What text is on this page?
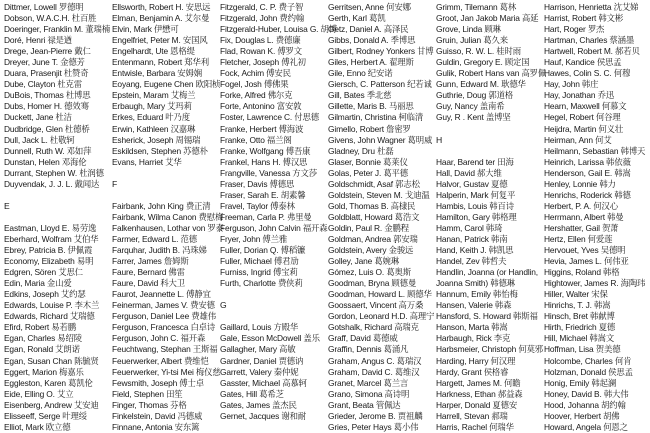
Dittmer, Lowell 罗德明
Dobson, W.A.C.H. 杜百胜
Doeringer, Franklin M. 董瑞楠
Doré, Henri 禄是遒
Drege, Jean-Pierre 戴仁
Dreyer, June T. 金德芳
Duara, Prasenjit 杜赞奇
Dube, Clayton 杜克雷
DuBois, Thomas 杜博思
Dubs, Homer H. 德效骞
Duckett, Jane 杜洁
Dudbridge, Glen 杜德桥
Dull, Jack L. 杜敬轲
Dunnell, Ruth W. 邓如萍
Dunstan, Helen 邓海伦
Durrant, Stephen W. 杜润德
Duyvendak, J. J. L. 戴闻达
E
Eastman, Lloyd E. 易劳逸
Eberhard, Wolfram 艾伯华
Ebrey, Patricia B. 伊佩霞
Economy, Elizabeth 易明
Edgren, Sören 艾思仁
Edin, Maria 金山爱
Edkins, Joseph 艾约瑟
Edwards, Louise P. 李木兰
Edwards, Richard 艾瑞德
Efird, Robert 易若鹏
Egan, Charles 易绍陵
Egan, Ronald 艾朗诺
Egan, Susan Chan 陈毓贤
Eggert, Marion 梅嘉乐
Eggleston, Karen 葛凯伦
Eide, Elling O. 艾立
Eisenberg, Andrew 艾安迪
Elisseeff, Serge 叶理绥
Elliot, Mark 欧立德
Ellsworth, Robert H. 安思远
Elman, Benjamin A. 艾尔曼
Elvin, Mark 伊懋可
Engelfriet, Peter M. 安国风
Engelhardt, Ute 恩格缇
Entenmann, Robert 郑华利
Entwisle, Barbara 安姆娴
Eoyang, Eugene Chen 欧阳桢
Epstein, Maram 艾梅兰
Erbaugh, Mary 艾玛莉
Erkes, Eduard 叶乃度
Erwin, Kathleen 汉嘉琳
Esherick, Joseph 周锡瑞
Eskildsen, Stephen 苏德朴
Evans, Harriet 艾华
F
Fairbank, John King 费正清
Fairbank, Wilma Canon 费慰梅
Falkenhausen, Lothar von 罗泰
Farmer, Edward L. 范德
Farquhar, Judith B. 冯珠娣
Farrer, James 詹姆斯
Faure, Bernard 佛雷
Faure, David 科大卫
Faurot, Jeannette L. 傅静宜
Feinerman, James V. 费安德
Ferguson, Daniel Lee 费雄伟
Ferguson, Francesca 白卓诗
Ferguson, John C. 福开森
Feuchtwang, Stephan 王斯福
Feuerwerker, Albert 费维恺
Feuerwerker, Yi-tsi Mei 梅仪慈
Fewsmith, Joseph 傅士卓
Field, Stephen 田笙
Finger, Thomas 芬格
Finkelstein, David 冯德威
Finnane, Antonia 安东篱
Fitzgerald, C. P. 费子智
Fitzgerald, John 费约翰
Fitzgerald-Huber, Louisa G. 胡博
Fix, Douglas L. 费德廉
Flad, Rowan K. 傅罗文
Fletcher, Joseph 傅礼初
Fock, Achim 傅安民
Fogel, Josh 傅佛果
Forke, Alfred 佛尔克
Forte, Antonino 富安敦
Foster, Lawrence C. 付思德
Franke, Herbert 傅海波
Franke, Otto 福兰阁
Franke, Wolfgang 傅吾康
Frankel, Hans H. 傅汉思
Frangville, Vanessa 方文莎
Fraser, Davis 傅德思
Fraser, Sarah E. 胡素馨
Fravel, Taylor 傅泰林
Freeman, Carla P. 弗里曼
Ferguson, John Calvin 福开森
Fryer, John 傅兰雅
Fuller, Dorian Q. 傅稻镰
Fuller, Michael 傅君劢
Furniss, Ingrid 傅宝莉
Furth, Charlotte 费侠莉
G
Gaillard, Louis 方殿华
Gale, Esson McDowell 盖乐
Gallagher, Mary 高敏
Gardner, Daniel 贾德讷
Garrett, Valery 秦仲妮
Gasster, Michael 高慕轲
Gates, Hill 葛希芝
Gates, James 盖杰民
Gernet, Jacques 谢和耐
Gerritsen, Anne 何安娜
Gerth, Karl 葛凯
Getz, Daniel A. 高泽民
Gibbs, Donald A. 季博思
Gilbert, Rodney Yonkers 甘博
Giles, Herbert A. 翟理斯
Gile, Enno 纪安诺
Giersch, C. Patterson 纪若诚
Gill, Bates 季北慈
Gillette, Maris B. 马丽思
Gilmartin, Christina 柯临清
Gimello, Robert 詹密罗
Givens, John Wagner 葛明威
Gladney, Dru 杜磊
Glaser, Bonnie 葛莱仪
Golas, Peter J. 葛平德
Goldschmidt, Asaf 郭志松
Goldstein, Steven M. 戈迪温
Gold, Thomas B. 高棣民
Goldblatt, Howard 葛浩文
Goldin, Paul R. 金鹏程
Goldman, Andrea 郭安瑞
Goldstein, Avery 金骏远
Golley, Jane 葛婉琳
Gómez, Luis O. 葛奥斯
Goodman, Bryna 顾德曼
Goodman, Howard L. 顾德华
Goossaert, Vincent 高万桑
Gordon, Leonard H.D. 高理宁
Gotshalk, Richard 高瑞克
Graff, David 葛德威
Graffin, Dennis 葛涌凡
Graham, Angus C. 葛瑞汉
Graham, David C. 葛维汉
Granet, Marcel 葛兰言
Grano, Simona 高诗明
Grant, Beata 管佩达
Grieder, Jerome B. 贾祖麟
Gries, Peter Hays 葛小伟
Grimm, Tilemann 葛林
Groot, Jan Jakob Maria 高延
Grove, Linda 顾琳
Gruin, Julian 葛久来
Guisso, R. W. L. 桂时雨
Guldin, Gregory E. 顾定国
Gulik, Robert Hans van 高罗佩
Gunn, Edward M. 耿德华
Guthrie, Doug 郭道格
Guy, Nancy 盖南希
Guy, R . Kent 盖博坚
H
Haar, Barend ter 田海
Hall, David 郝大维
Halvor, Gustav 夏德
Halperin, Mark 何复平
Hambis, Louis 韩百诗
Hamilton, Gary 韩格理
Hamm, Carol 韩琦
Hanan, Patrick 韩南
Hand, Keith J. 韩凯思
Handel, Zev 韩哲夫
Handlin, Joanna (or Handlin,
Joanna Smith) 韩德琳
Hannum, Emily 韩怡梅
Hansen, Valerie 韩森
Hansford, S. Howard 韩斯福
Hanson, Marta 韩嵩
Harbaugh, Rick 李克
Harbsmeier, Christoph 何莫邪
Harding, Harry 何汉理
Hardy, Grant 侯格睿
Hargett, James M. 何瞻
Harkness, Ethan 郝益森
Harper, Donald 夏德安
Harrell, Stevan 郝瑞
Harris, Rachel 何瑞华
Harrison, Henrietta 沈艾娣
Harrist, Robert 韩文彬
Hart, Roger 罗杰
Hartman, Charles 蔡涵墨
Hartwell, Robert M. 郝若贝
Hauf, Kandice 侯思孟
Hawes, Colin S. C. 何穆
Hay, John 韩庄
Hay, Jonathan 乔迅
Hearn, Maxwell 何慕文
Hegel, Robert 何谷理
Heijdra, Martin 何义壮
Heirman, Ann 何艾
Heilmann, Sebastian 韩博天
Heinrich, Larissa 韩依薇
Henderson, Gail E. 韩嵩
Henley, Lonnie 韩力
Henrichs, Roderick 韩德
Herbert, P. A. 何汉心
Herrmann, Albert 韩曼
Hershatter, Gail 贺萧
Hertz, Ellen 何爱莲
Hervouet, Yves 吴德明
Hevia, James L. 何伟亚
Higgins, Roland 韩格
Hightower, James R. 海陶玮
Hiller, Walter 宋保
Hinrichs, T. J. 韩嵩
Hinsch, Bret 韩献博
Hirth, Friedrich 夏德
Hill, Michael 韩嵩文
Hoffman, Lisa 贺美德
Holcombe, Charles 何肯
Holzman, Donald 侯思孟
Honig, Emily 韩起澜
Honey, David B. 韩大伟
Hood, Johanna 胡约翰
Hoover, Herbert 胡佛
Howard, Angela 何恩之
